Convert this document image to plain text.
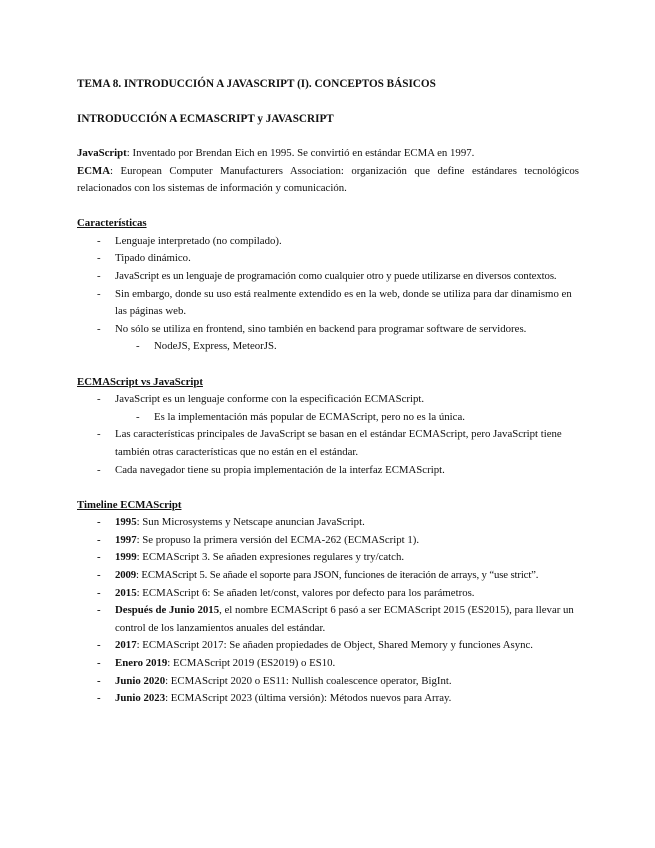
TEMA 8. INTRODUCCIÓN A JAVASCRIPT (I). CONCEPTOS BÁSICOS
INTRODUCCIÓN A ECMASCRIPT y JAVASCRIPT

JavaScript: Inventado por Brendan Eich en 1995. Se convirtió en estándar ECMA en 1997.

ECMA: European Computer Manufacturers Association: organización que define estándares tecnológicos

relacionados con los sistemas de información y comunicación.

Características
- Lenguaje interpretado (no compilado).
- Tipado dinámico.
- JavaScript es un lenguaje de programación como cualquier otro y puede utilizarse en diversos contextos.
- Sin embargo, donde su uso está realmente extendido es en la web, donde se utiliza para dar dinamismo en las páginas web.
- No sólo se utiliza en frontend, sino también en backend para programar software de servidores.
- NodeJS, Express, MeteorJS.
ECMAScript vs JavaScript
- JavaScript es un lenguaje conforme con la especificación ECMAScript.
- Es la implementación más popular de ECMAScript, pero no es la única.
- Las características principales de JavaScript se basan en el estándar ECMAScript, pero JavaScript tiene también otras características que no están en el estándar.
- Cada navegador tiene su propia implementación de la interfaz ECMAScript.
Timeline ECMAScript
- 1995: Sun Microsystems y Netscape anuncian JavaScript.
- 1997: Se propuso la primera versión del ECMA-262 (ECMAScript 1).
- 1999: ECMAScript 3. Se añaden expresiones regulares y try/catch.
- 2009: ECMAScript 5. Se añade el soporte para JSON, funciones de iteración de arrays, y “use strict”.
- 2015: ECMAScript 6: Se añaden let/const, valores por defecto para los parámetros.
- Después de Junio 2015, el nombre ECMAScript 6 pasó a ser ECMAScript 2015 (ES2015), para llevar un control de los lanzamientos anuales del estándar.
- 2017: ECMAScript 2017: Se añaden propiedades de Object, Shared Memory y funciones Async.
- Enero 2019: ECMAScript 2019 (ES2019) o ES10.
- Junio 2020: ECMAScript 2020 o ES11: Nullish coalescence operator, BigInt.
- Junio 2023: ECMAScript 2023 (última versión): Métodos nuevos para Array.
